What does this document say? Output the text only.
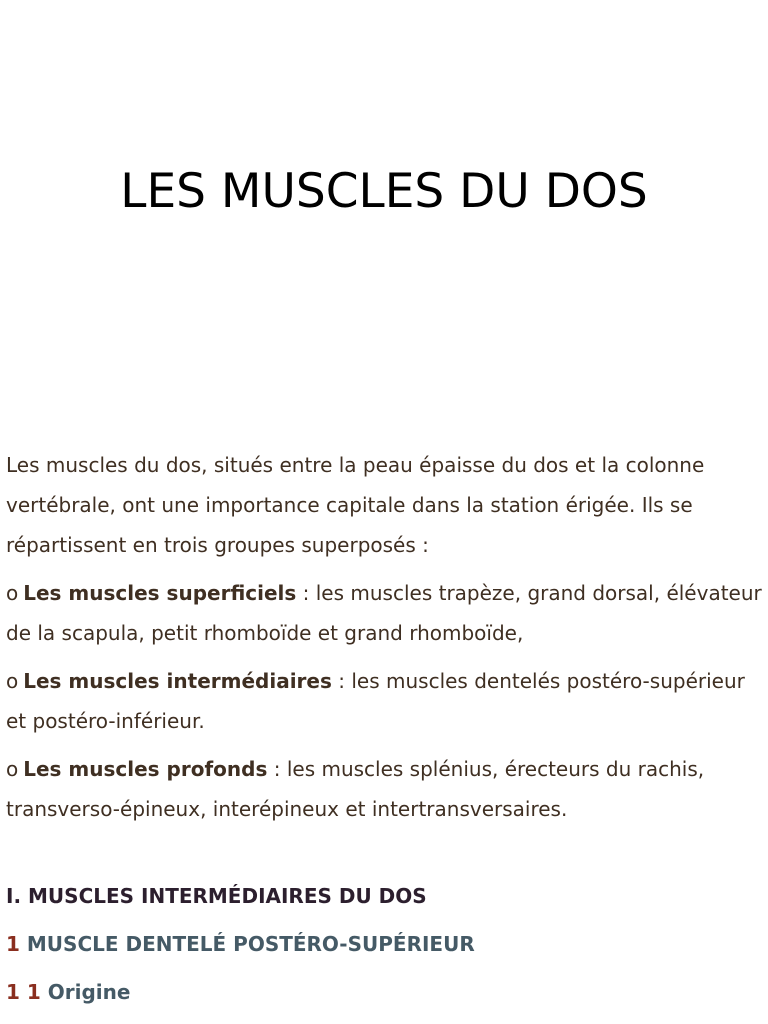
LES MUSCLES DU DOS

Les muscles du dos, situés entre la peau épaisse du dos et la colonne vertébrale, ont une importance capitale dans la station érigée. Ils se répartissent en trois groupes superposés :

o Les muscles superficiels : les muscles trapèze, grand dorsal, élévateur de la scapula, petit rhomboïde et grand rhomboïde,

o Les muscles intermédiaires : les muscles dentelés postéro-supérieur et postéro-inférieur.

o Les muscles profonds : les muscles splénius, érecteurs du rachis, transverso-épineux, interépineux et intertransversaires.

I. MUSCLES INTERMÉDIAIRES DU DOS
1 MUSCLE DENTELÉ POSTÉRO-SUPÉRIEUR
1 1 Origine
